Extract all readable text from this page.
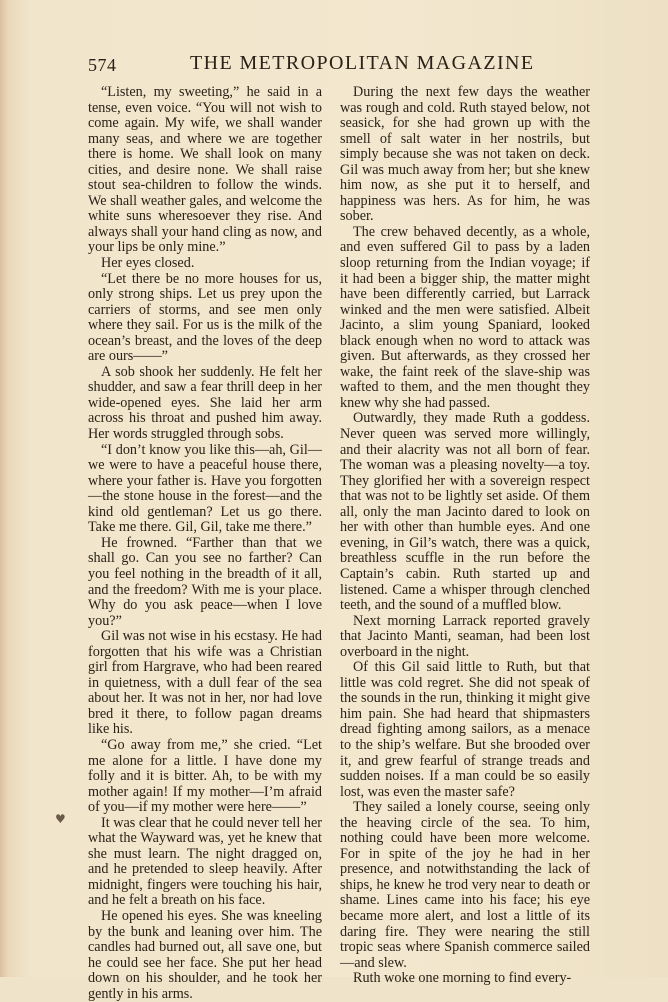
574	THE METROPOLITAN MAGAZINE

“Listen, my sweeting,” he said in a tense, even voice. “You will not wish to come again. My wife, we shall wander many seas, and where we are together there is home. We shall look on many cities, and desire none. We shall raise stout sea-children to follow the winds. We shall weather gales, and welcome the white suns wheresoever they rise. And always shall your hand cling as now, and your lips be only mine.”

Her eyes closed.

“Let there be no more houses for us, only strong ships. Let us prey upon the carriers of storms, and see men only where they sail. For us is the milk of the ocean’s breast, and the loves of the deep are ours——”

A sob shook her suddenly. He felt her shudder, and saw a fear thrill deep in her wide-opened eyes. She laid her arm across his throat and pushed him away. Her words struggled through sobs.

“I don’t know you like this—ah, Gil—we were to have a peaceful house there, where your father is. Have you forgotten —the stone house in the forest—and the kind old gentleman? Let us go there. Take me there. Gil, Gil, take me there.”

He frowned. “Farther than that we shall go. Can you see no farther? Can you feel nothing in the breadth of it all, and the freedom? With me is your place. Why do you ask peace—when I love you?”

Gil was not wise in his ecstasy. He had forgotten that his wife was a Christian girl from Hargrave, who had been reared in quietness, with a dull fear of the sea about her. It was not in her, nor had love bred it there, to follow pagan dreams like his.

“Go away from me,” she cried. “Let me alone for a little. I have done my folly and it is bitter. Ah, to be with my mother again! If my mother—I’m afraid of you—if my mother were here——”

It was clear that he could never tell her what the Wayward was, yet he knew that she must learn. The night dragged on, and he pretended to sleep heavily. After midnight, fingers were touching his hair, and he felt a breath on his face.

He opened his eyes. She was kneeling by the bunk and leaning over him. The candles had burned out, all save one, but he could see her face. She put her head down on his shoulder, and he took her gently in his arms.

During the next few days the weather was rough and cold. Ruth stayed below, not seasick, for she had grown up with the smell of salt water in her nostrils, but simply because she was not taken on deck. Gil was much away from her; but she knew him now, as she put it to herself, and happiness was hers. As for him, he was sober.

The crew behaved decently, as a whole, and even suffered Gil to pass by a laden sloop returning from the Indian voyage; if it had been a bigger ship, the matter might have been differently carried, but Larrack winked and the men were satisfied. Albeit Jacinto, a slim young Spaniard, looked black enough when no word to attack was given. But afterwards, as they crossed her wake, the faint reek of the slave-ship was wafted to them, and the men thought they knew why she had passed.

Outwardly, they made Ruth a goddess. Never queen was served more willingly, and their alacrity was not all born of fear. The woman was a pleasing novelty—a toy. They glorified her with a sovereign respect that was not to be lightly set aside. Of them all, only the man Jacinto dared to look on her with other than humble eyes. And one evening, in Gil’s watch, there was a quick, breathless scuffle in the run before the Captain’s cabin. Ruth started up and listened. Came a whisper through clenched teeth, and the sound of a muffled blow.

Next morning Larrack reported gravely that Jacinto Manti, seaman, had been lost overboard in the night.

Of this Gil said little to Ruth, but that little was cold regret. She did not speak of the sounds in the run, thinking it might give him pain. She had heard that shipmasters dread fighting among sailors, as a menace to the ship’s welfare. But she brooded over it, and grew fearful of strange treads and sudden noises. If a man could be so easily lost, was even the master safe?

They sailed a lonely course, seeing only the heaving circle of the sea. To him, nothing could have been more welcome. For in spite of the joy he had in her presence, and notwithstanding the lack of ships, he knew he trod very near to death or shame. Lines came into his face; his eye became more alert, and lost a little of its daring fire. They were nearing the still tropic seas where Spanish commerce sailed—and slew.

Ruth woke one morning to find every-

♥
